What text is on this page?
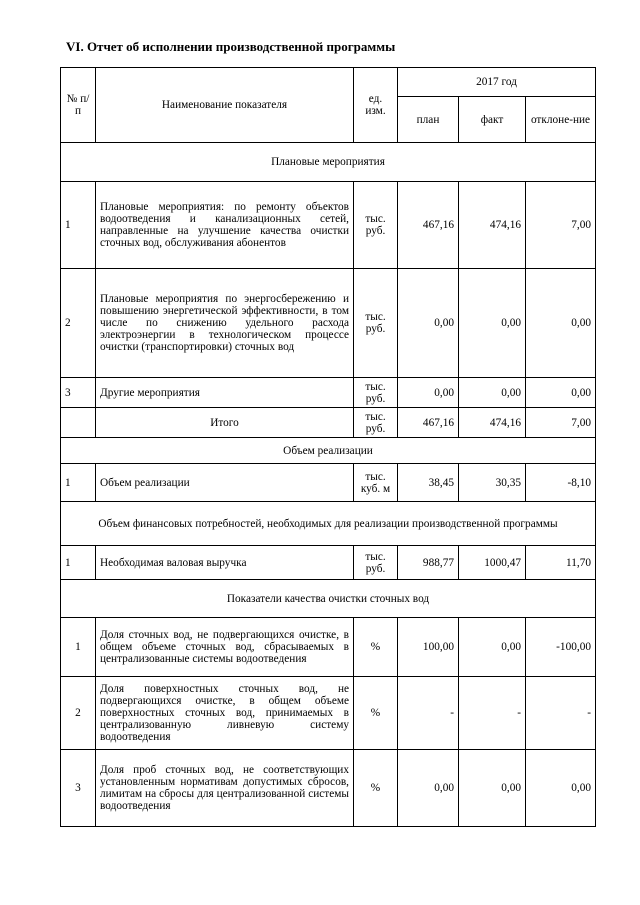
VI. Отчет об исполнении производственной программы
№ п/п	Наименование показателя	ед. изм.	2017 год		
			план	факт	отклоне-ние
Плановые мероприятия					
1	Плановые мероприятия: по ремонту объектов водоотведения и канализационных сетей, направленные на улучшение качества очистки сточных вод, обслуживания абонентов	тыс. руб.	467,16	474,16	7,00
2	Плановые мероприятия по энергосбережению и повышению энергетической эффективности, в том числе по снижению удельного расхода электроэнергии в технологическом процессе очистки (транспортировки) сточных вод	тыс. руб.	0,00	0,00	0,00
3	Другие мероприятия	тыс. руб.	0,00	0,00	0,00
	Итого	тыс. руб.	467,16	474,16	7,00
Объем реализации					
1	Объем реализации	тыс. куб. м	38,45	30,35	-8,10
Объем финансовых потребностей, необходимых для реализации производственной программы					
1	Необходимая валовая выручка	тыс. руб.	988,77	1000,47	11,70
Показатели качества очистки сточных вод					
1	Доля сточных вод, не подвергающихся очистке, в общем объеме сточных вод, сбрасываемых в централизованные системы водоотведения	%	100,00	0,00	-100,00
2	Доля поверхностных сточных вод, не подвергающихся очистке, в общем объеме поверхностных сточных вод, принимаемых в централизованную ливневую систему водоотведения	%	-	-	-
3	Доля проб сточных вод, не соответствующих установленным нормативам допустимых сбросов, лимитам на сбросы для централизованной системы водоотведения	%	0,00	0,00	0,00
